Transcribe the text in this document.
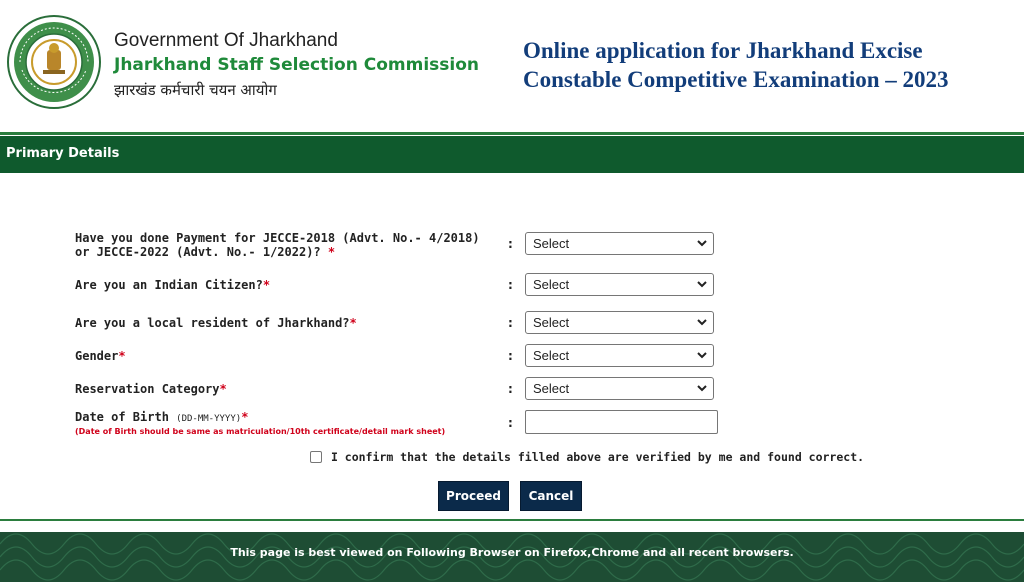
Government Of Jharkhand
Jharkhand Staff Selection Commission
झारखंड कर्मचारी चयन आयोग
Online application for Jharkhand Excise
Constable Competitive Examination – 2023
Primary Details
Have you done Payment for JECCE-2018 (Advt. No.- 4/2018) or JECCE-2022 (Advt. No.- 1/2022)? *
:	Select
Are you an Indian Citizen?*	:	Select
Are you a local resident of Jharkhand?*	:	Select
Gender*	:	Select
Reservation Category*	:	Select
Date of Birth (DD-MM-YYYY)*
(Date of Birth should be same as matriculation/10th certificate/detail mark sheet)
:
I confirm that the details filled above are verified by me and found correct.
Proceed	Cancel
This page is best viewed on Following Browser on Firefox,Chrome and all recent browsers.
